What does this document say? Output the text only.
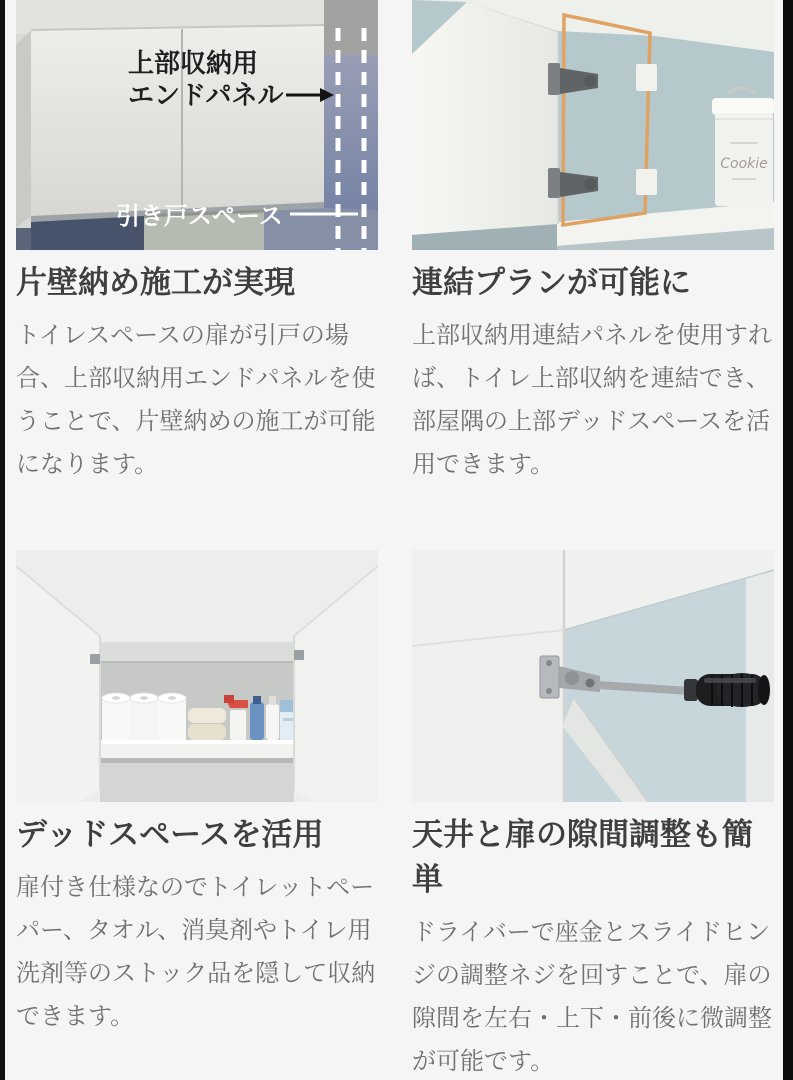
上部収納用
エンドパネル
引き戸スペース
片壁納め施工が実現

トイレスペースの扉が引戸の場合、上部収納用エンドパネルを使うことで、片壁納めの施工が可能になります。

Cookie
連結プランが可能に

上部収納用連結パネルを使用すれば、トイレ上部収納を連結でき、部屋隅の上部デッドスペースを活用できます。

デッドスペースを活用

扉付き仕様なのでトイレットペーパー、タオル、消臭剤やトイレ用洗剤等のストック品を隠して収納できます。

天井と扉の隙間調整も簡単

ドライバーで座金とスライドヒンジの調整ネジを回すことで、扉の隙間を左右・上下・前後に微調整が可能です。
